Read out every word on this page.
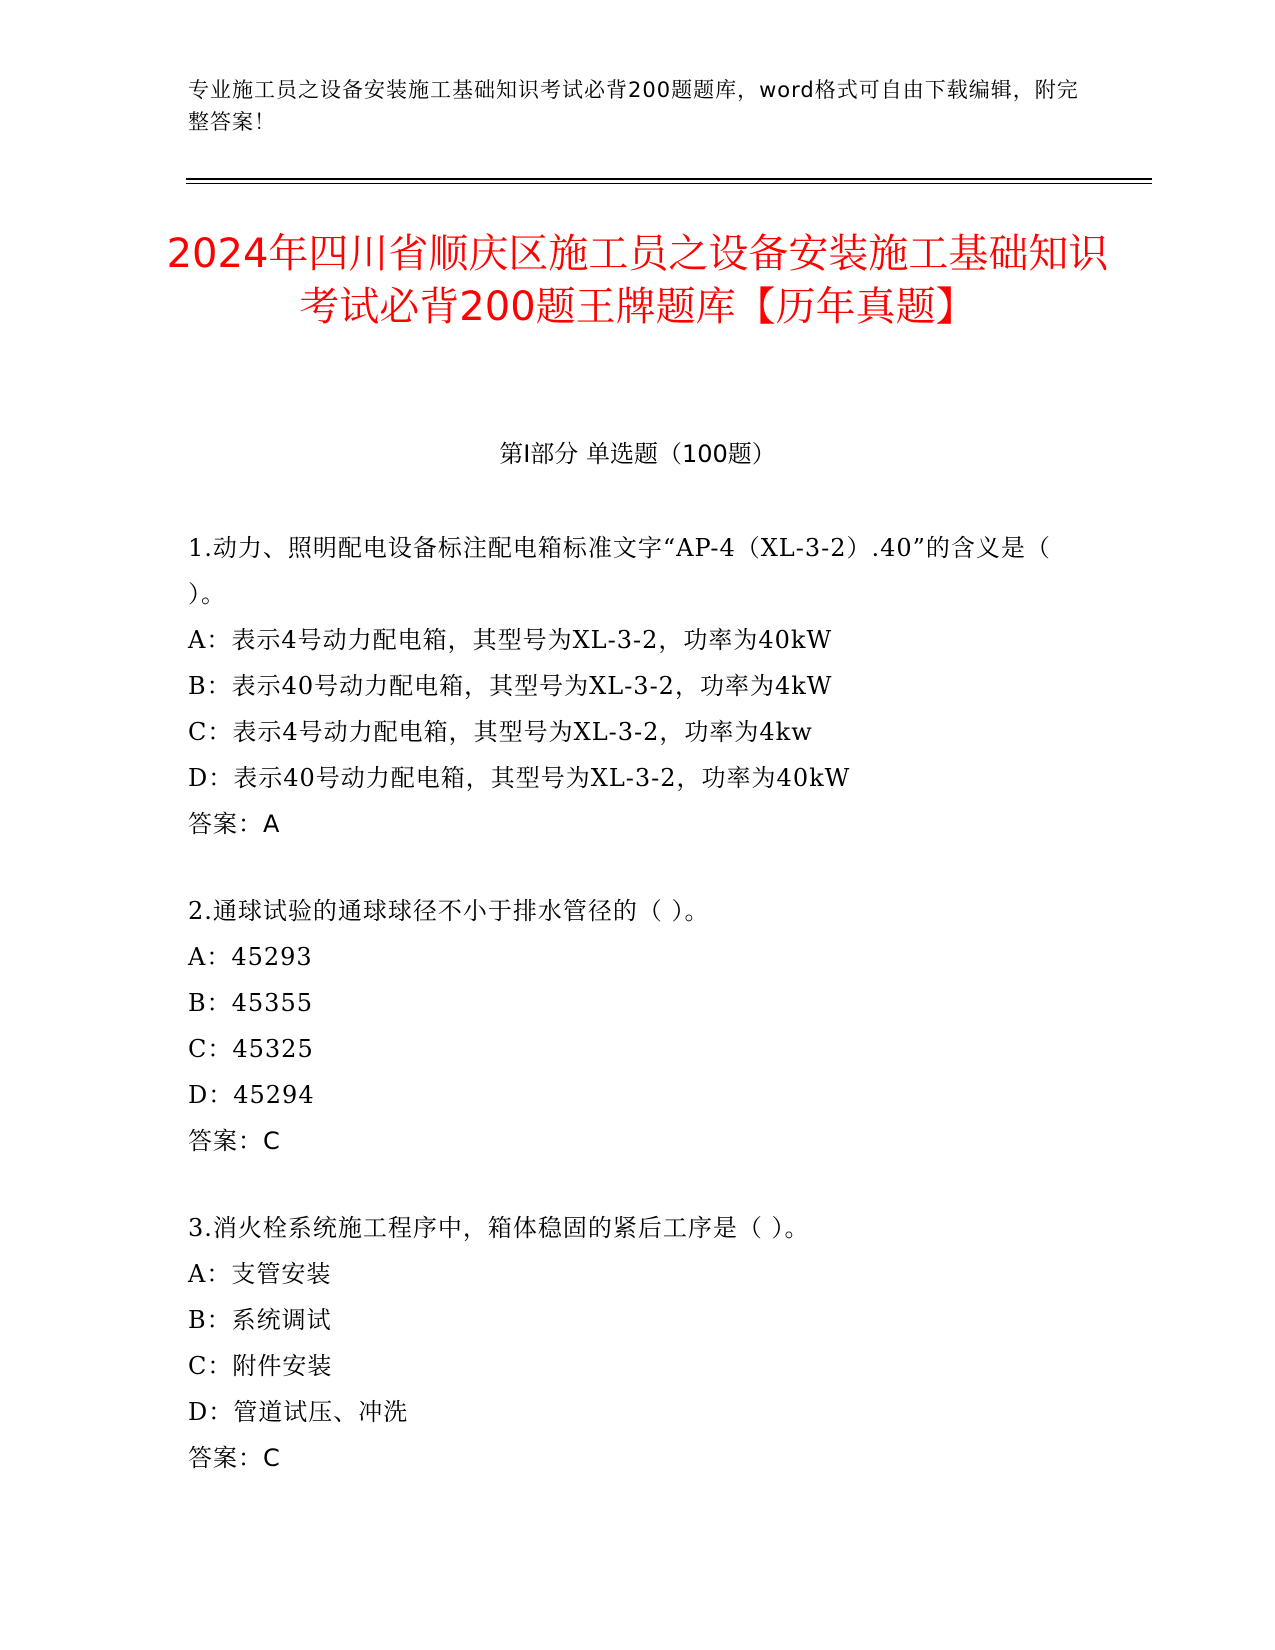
专业施工员之设备安装施工基础知识考试必背200题题库，word格式可自由下载编辑，附完整答案！
2024年四川省顺庆区施工员之设备安装施工基础知识考试必背200题王牌题库【历年真题】
第Ⅰ部分 单选题（100题）
1.动力、照明配电设备标注配电箱标准文字“AP-4（XL-3-2）.40”的含义是（ ）。
A：表示4号动力配电箱，其型号为XL-3-2，功率为40kW
B：表示40号动力配电箱，其型号为XL-3-2，功率为4kW
C：表示4号动力配电箱，其型号为XL-3-2，功率为4kw
D：表示40号动力配电箱，其型号为XL-3-2，功率为40kW
答案：A
2.通球试验的通球球径不小于排水管径的（ ）。
A：45293
B：45355
C：45325
D：45294
答案：C
3.消火栓系统施工程序中，箱体稳固的紧后工序是（ ）。
A：支管安装
B：系统调试
C：附件安装
D：管道试压、冲洗
答案：C
